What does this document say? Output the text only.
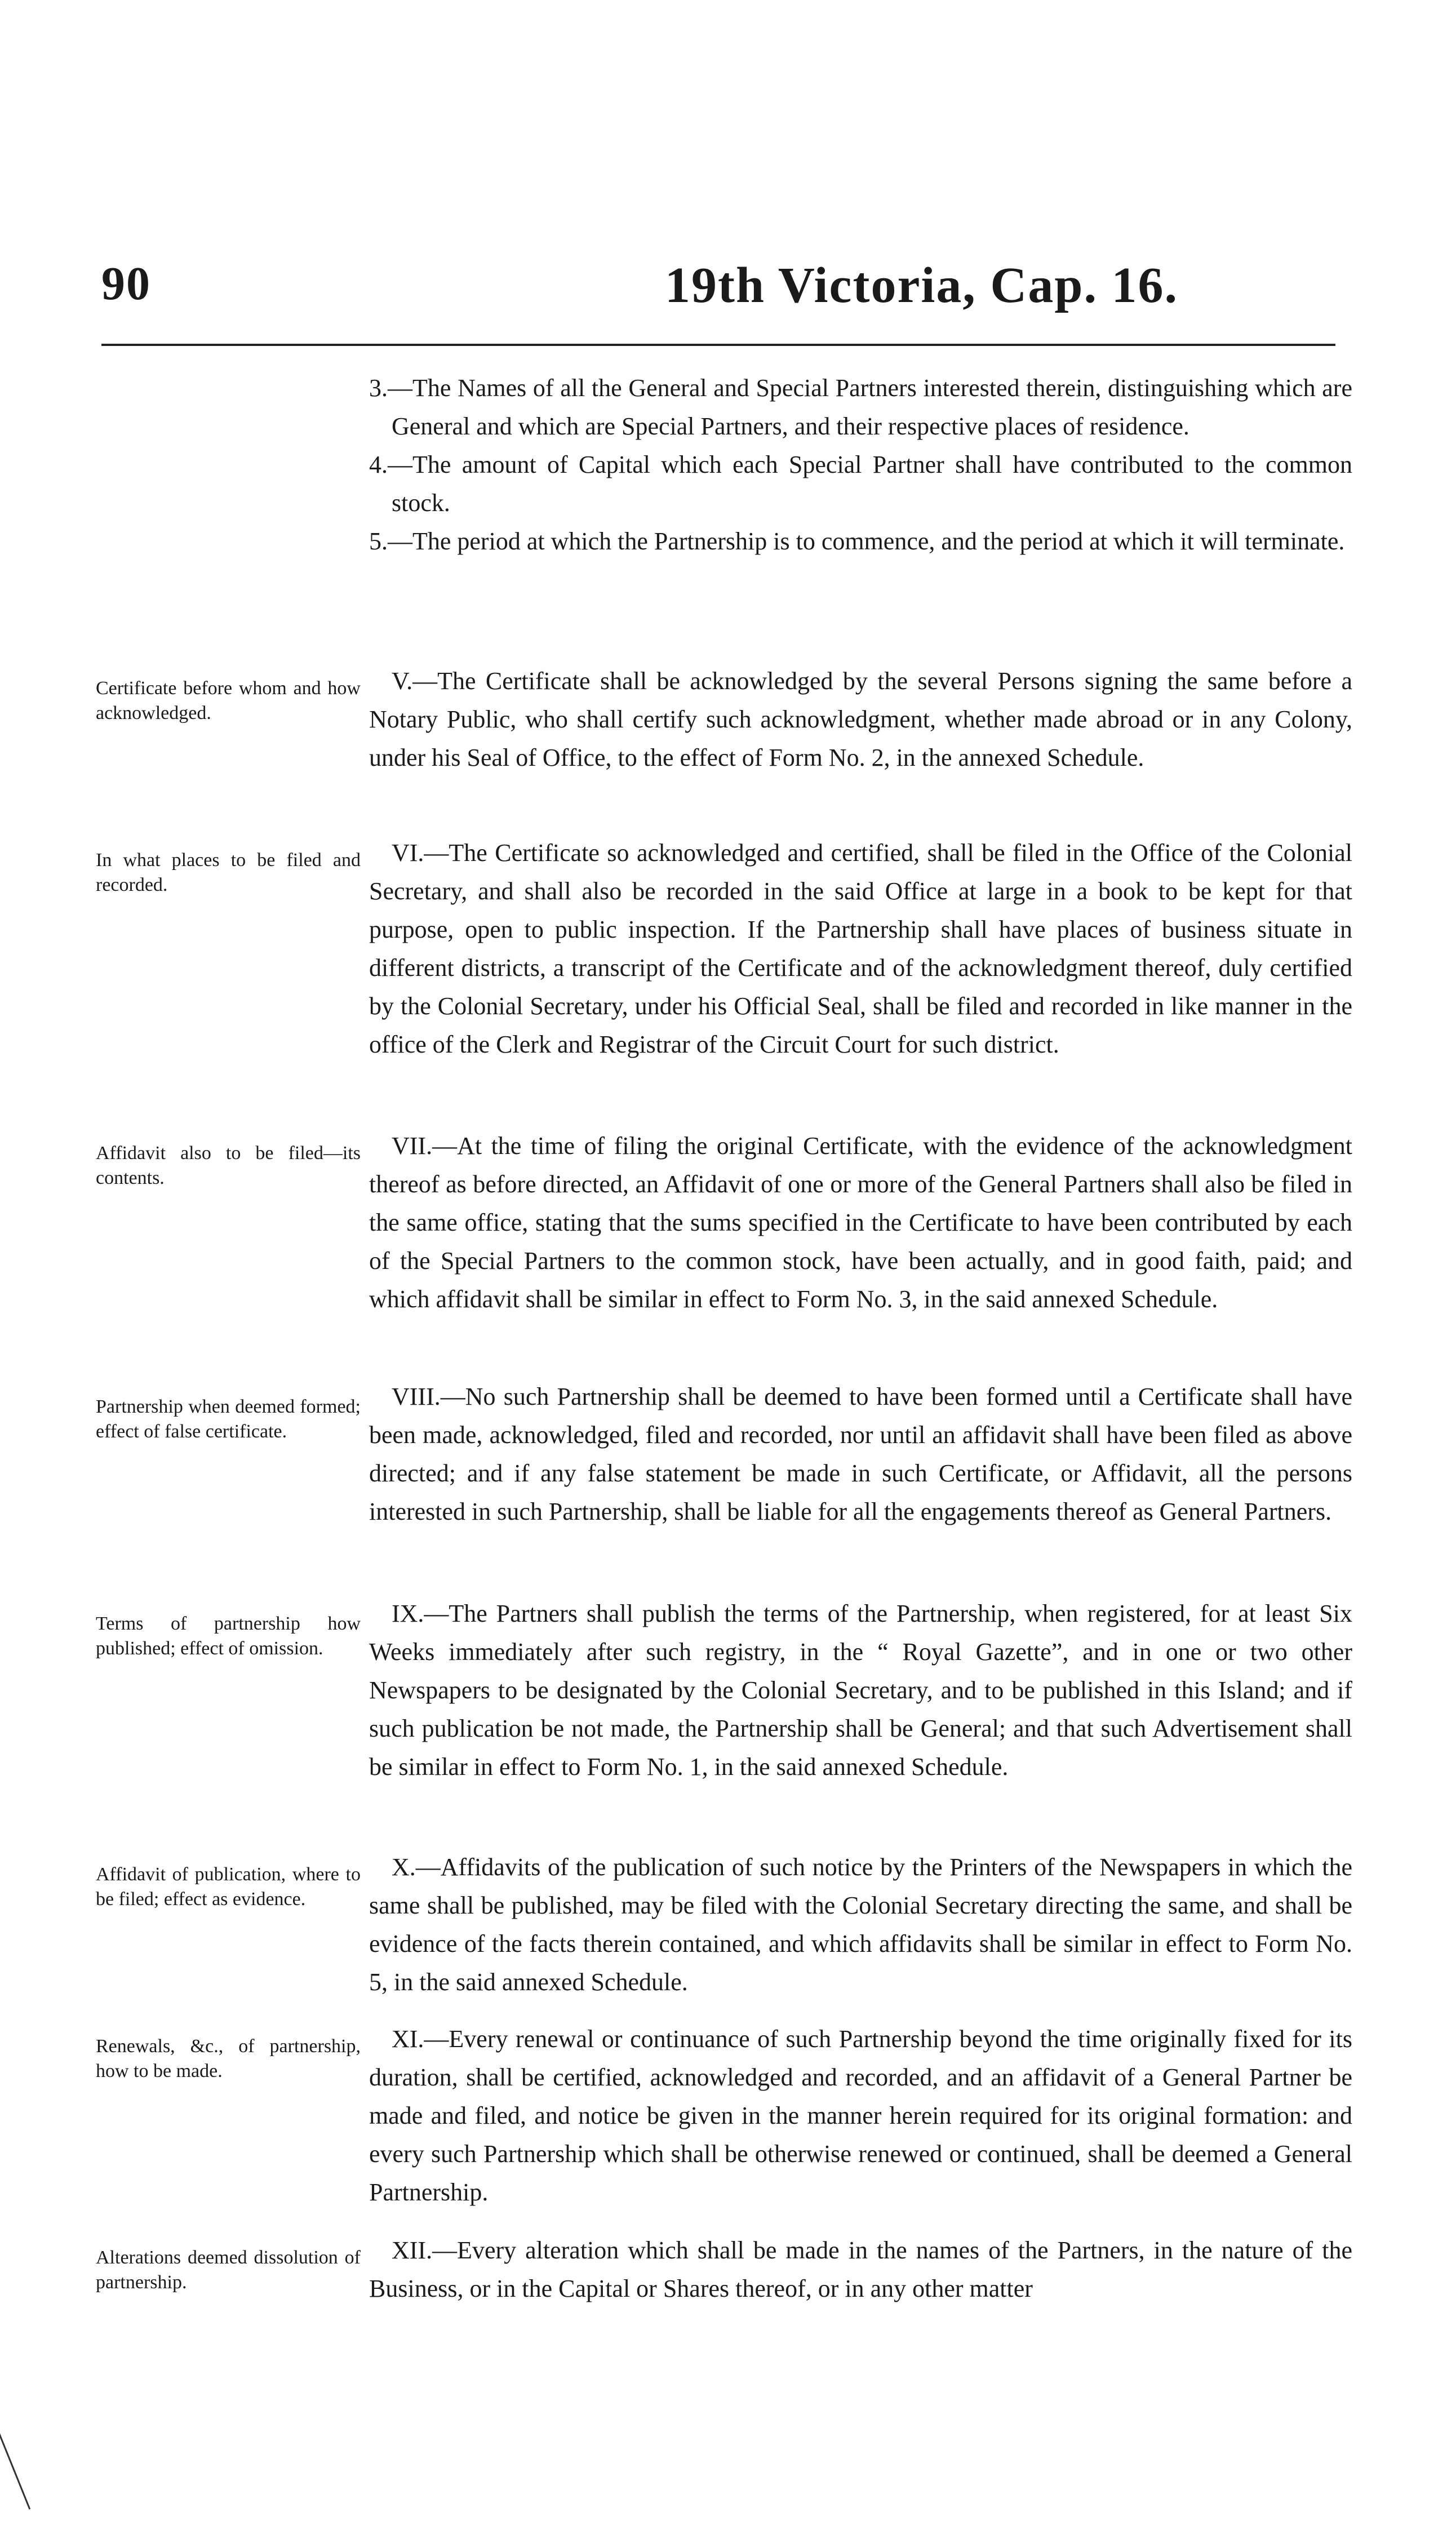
90	19th Victoria, Cap. 16.

3.—The Names of all the General and Special Partners interested therein, distinguishing which are General and which are Special Partners, and their respective places of residence.

4.—The amount of Capital which each Special Partner shall have contributed to the common stock.

5.—The period at which the Partnership is to commence, and the period at which it will terminate.

Certificate before whom and how acknowledged.
V.—The Certificate shall be acknowledged by the several Persons signing the same before a Notary Public, who shall certify such acknowledgment, whether made abroad or in any Colony, under his Seal of Office, to the effect of Form No. 2, in the annexed Schedule.
In what places to be filed and recorded.
VI.—The Certificate so acknowledged and certified, shall be filed in the Office of the Colonial Secretary, and shall also be recorded in the said Office at large in a book to be kept for that purpose, open to public inspection. If the Partnership shall have places of business situate in different districts, a transcript of the Certificate and of the acknowledgment thereof, duly certified by the Colonial Secretary, under his Official Seal, shall be filed and recorded in like manner in the office of the Clerk and Registrar of the Circuit Court for such district.
Affidavit also to be filed—its contents.
VII.—At the time of filing the original Certificate, with the evidence of the acknowledgment thereof as before directed, an Affidavit of one or more of the General Partners shall also be filed in the same office, stating that the sums specified in the Certificate to have been contributed by each of the Special Partners to the common stock, have been actually, and in good faith, paid; and which affidavit shall be similar in effect to Form No. 3, in the said annexed Schedule.
Partnership when deemed formed; effect of false certificate.
VIII.—No such Partnership shall be deemed to have been formed until a Certificate shall have been made, acknowledged, filed and recorded, nor until an affidavit shall have been filed as above directed; and if any false statement be made in such Certificate, or Affidavit, all the persons interested in such Partnership, shall be liable for all the engagements thereof as General Partners.
Terms of partnership how published; effect of omission.
IX.—The Partners shall publish the terms of the Partnership, when registered, for at least Six Weeks immediately after such registry, in the “ Royal Gazette”, and in one or two other Newspapers to be designated by the Colonial Secretary, and to be published in this Island; and if such publication be not made, the Partnership shall be General; and that such Advertisement shall be similar in effect to Form No. 1, in the said annexed Schedule.
Affidavit of publication, where to be filed; effect as evidence.
X.—Affidavits of the publication of such notice by the Printers of the Newspapers in which the same shall be published, may be filed with the Colonial Secretary directing the same, and shall be evidence of the facts therein contained, and which affidavits shall be similar in effect to Form No. 5, in the said annexed Schedule.
Renewals, &c., of partnership, how to be made.
XI.—Every renewal or continuance of such Partnership beyond the time originally fixed for its duration, shall be certified, acknowledged and recorded, and an affidavit of a General Partner be made and filed, and notice be given in the manner herein required for its original formation: and every such Partnership which shall be otherwise renewed or continued, shall be deemed a General Partnership.
Alterations deemed dissolution of partnership.
XII.—Every alteration which shall be made in the names of the Partners, in the nature of the Business, or in the Capital or Shares thereof, or in any other matter
